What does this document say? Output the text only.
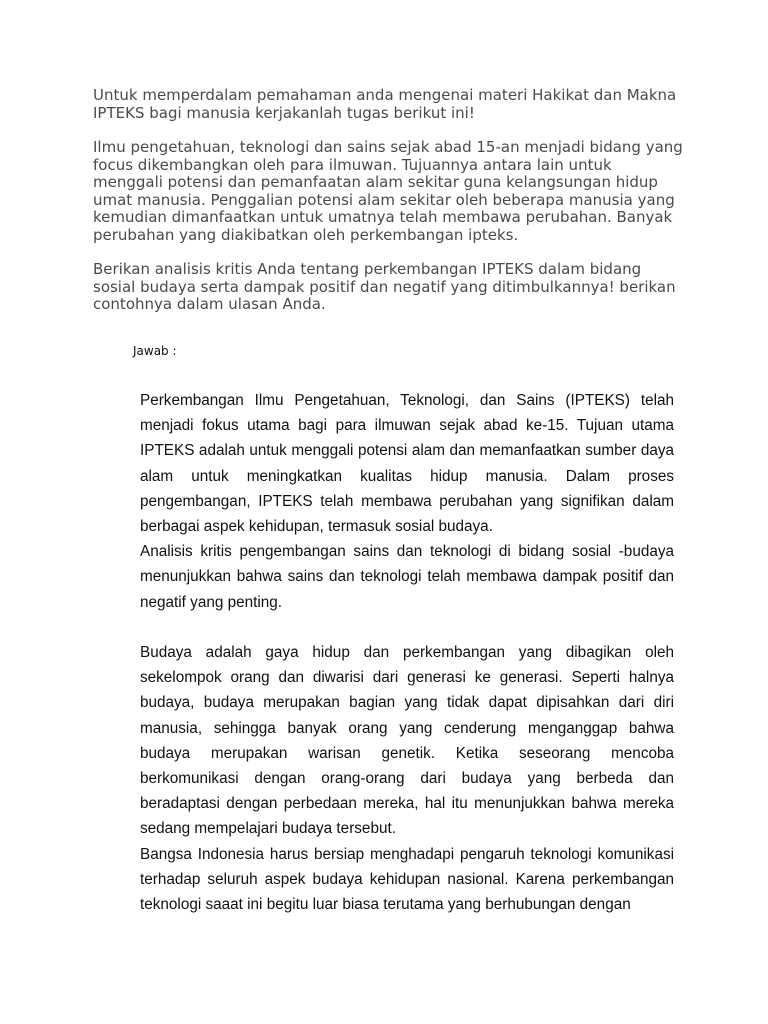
Untuk memperdalam pemahaman anda mengenai materi Hakikat dan Makna IPTEKS bagi manusia kerjakanlah tugas berikut ini!

Ilmu pengetahuan, teknologi dan sains sejak abad 15-an menjadi bidang yang focus dikembangkan oleh para ilmuwan. Tujuannya antara lain untuk menggali potensi dan pemanfaatan alam sekitar guna kelangsungan hidup umat manusia. Penggalian potensi alam sekitar oleh beberapa manusia yang kemudian dimanfaatkan untuk umatnya telah membawa perubahan. Banyak perubahan yang diakibatkan oleh perkembangan ipteks.

Berikan analisis kritis Anda tentang perkembangan IPTEKS dalam bidang sosial budaya serta dampak positif dan negatif yang ditimbulkannya! berikan contohnya dalam ulasan Anda.

Jawab :

Perkembangan Ilmu Pengetahuan, Teknologi, dan Sains (IPTEKS) telah menjadi fokus utama bagi para ilmuwan sejak abad ke-15. Tujuan utama IPTEKS adalah untuk menggali potensi alam dan memanfaatkan sumber daya alam untuk meningkatkan kualitas hidup manusia. Dalam proses pengembangan, IPTEKS telah membawa perubahan yang signifikan dalam berbagai aspek kehidupan, termasuk sosial budaya.

Analisis kritis pengembangan sains dan teknologi di bidang sosial -budaya menunjukkan bahwa sains dan teknologi telah membawa dampak positif dan negatif yang penting.

Budaya adalah gaya hidup dan perkembangan yang dibagikan oleh sekelompok orang dan diwarisi dari generasi ke generasi. Seperti halnya budaya, budaya merupakan bagian yang tidak dapat dipisahkan dari diri manusia, sehingga banyak orang yang cenderung menganggap bahwa budaya merupakan warisan genetik. Ketika seseorang mencoba berkomunikasi dengan orang-orang dari budaya yang berbeda dan beradaptasi dengan perbedaan mereka, hal itu menunjukkan bahwa mereka sedang mempelajari budaya tersebut.

Bangsa Indonesia harus bersiap menghadapi pengaruh teknologi komunikasi terhadap seluruh aspek budaya kehidupan nasional. Karena perkembangan teknologi saaat ini begitu luar biasa terutama yang berhubungan dengan
